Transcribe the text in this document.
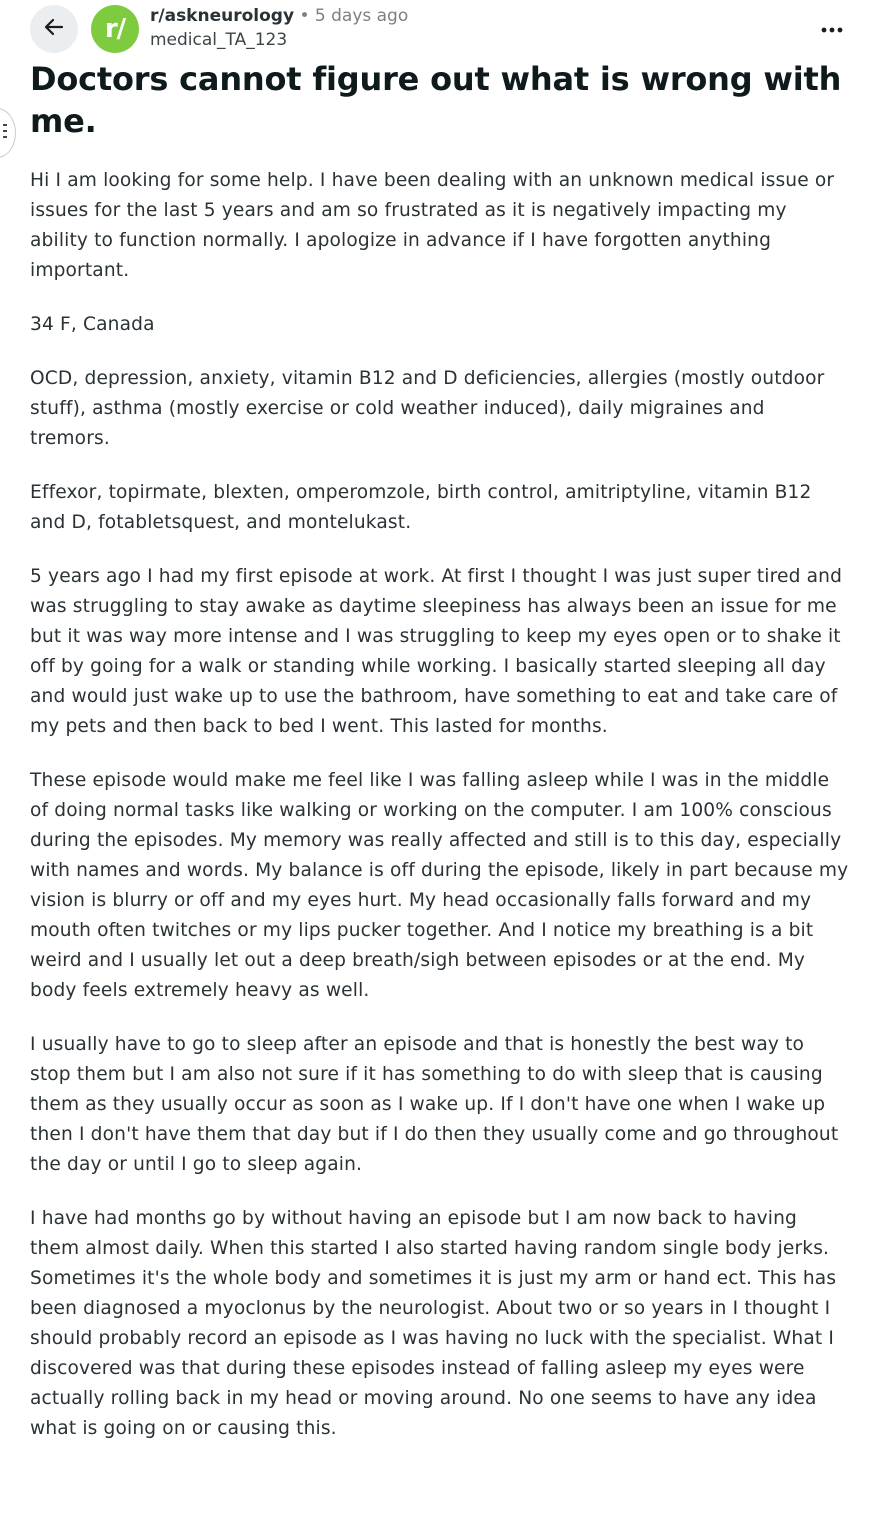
r/ r/askneurology • 5 days ago
medical_TA_123
Doctors cannot figure out what is wrong with me.

Hi I am looking for some help. I have been dealing with an unknown medical issue or issues for the last 5 years and am so frustrated as it is negatively impacting my ability to function normally. I apologize in advance if I have forgotten anything important.

34 F, Canada

OCD, depression, anxiety, vitamin B12 and D deficiencies, allergies (mostly outdoor stuff), asthma (mostly exercise or cold weather induced), daily migraines and tremors.

Effexor, topirmate, blexten, omperomzole, birth control, amitriptyline, vitamin B12 and D, fotabletsquest, and montelukast.

5 years ago I had my first episode at work. At first I thought I was just super tired and was struggling to stay awake as daytime sleepiness has always been an issue for me but it was way more intense and I was struggling to keep my eyes open or to shake it off by going for a walk or standing while working. I basically started sleeping all day and would just wake up to use the bathroom, have something to eat and take care of my pets and then back to bed I went. This lasted for months.

These episode would make me feel like I was falling asleep while I was in the middle of doing normal tasks like walking or working on the computer. I am 100% conscious during the episodes. My memory was really affected and still is to this day, especially with names and words. My balance is off during the episode, likely in part because my vision is blurry or off and my eyes hurt. My head occasionally falls forward and my mouth often twitches or my lips pucker together. And I notice my breathing is a bit weird and I usually let out a deep breath/sigh between episodes or at the end. My body feels extremely heavy as well.

I usually have to go to sleep after an episode and that is honestly the best way to stop them but I am also not sure if it has something to do with sleep that is causing them as they usually occur as soon as I wake up. If I don't have one when I wake up then I don't have them that day but if I do then they usually come and go throughout the day or until I go to sleep again.

I have had months go by without having an episode but I am now back to having them almost daily. When this started I also started having random single body jerks. Sometimes it's the whole body and sometimes it is just my arm or hand ect. This has been diagnosed a myoclonus by the neurologist. About two or so years in I thought I should probably record an episode as I was having no luck with the specialist. What I discovered was that during these episodes instead of falling asleep my eyes were actually rolling back in my head or moving around. No one seems to have any idea what is going on or causing this.
